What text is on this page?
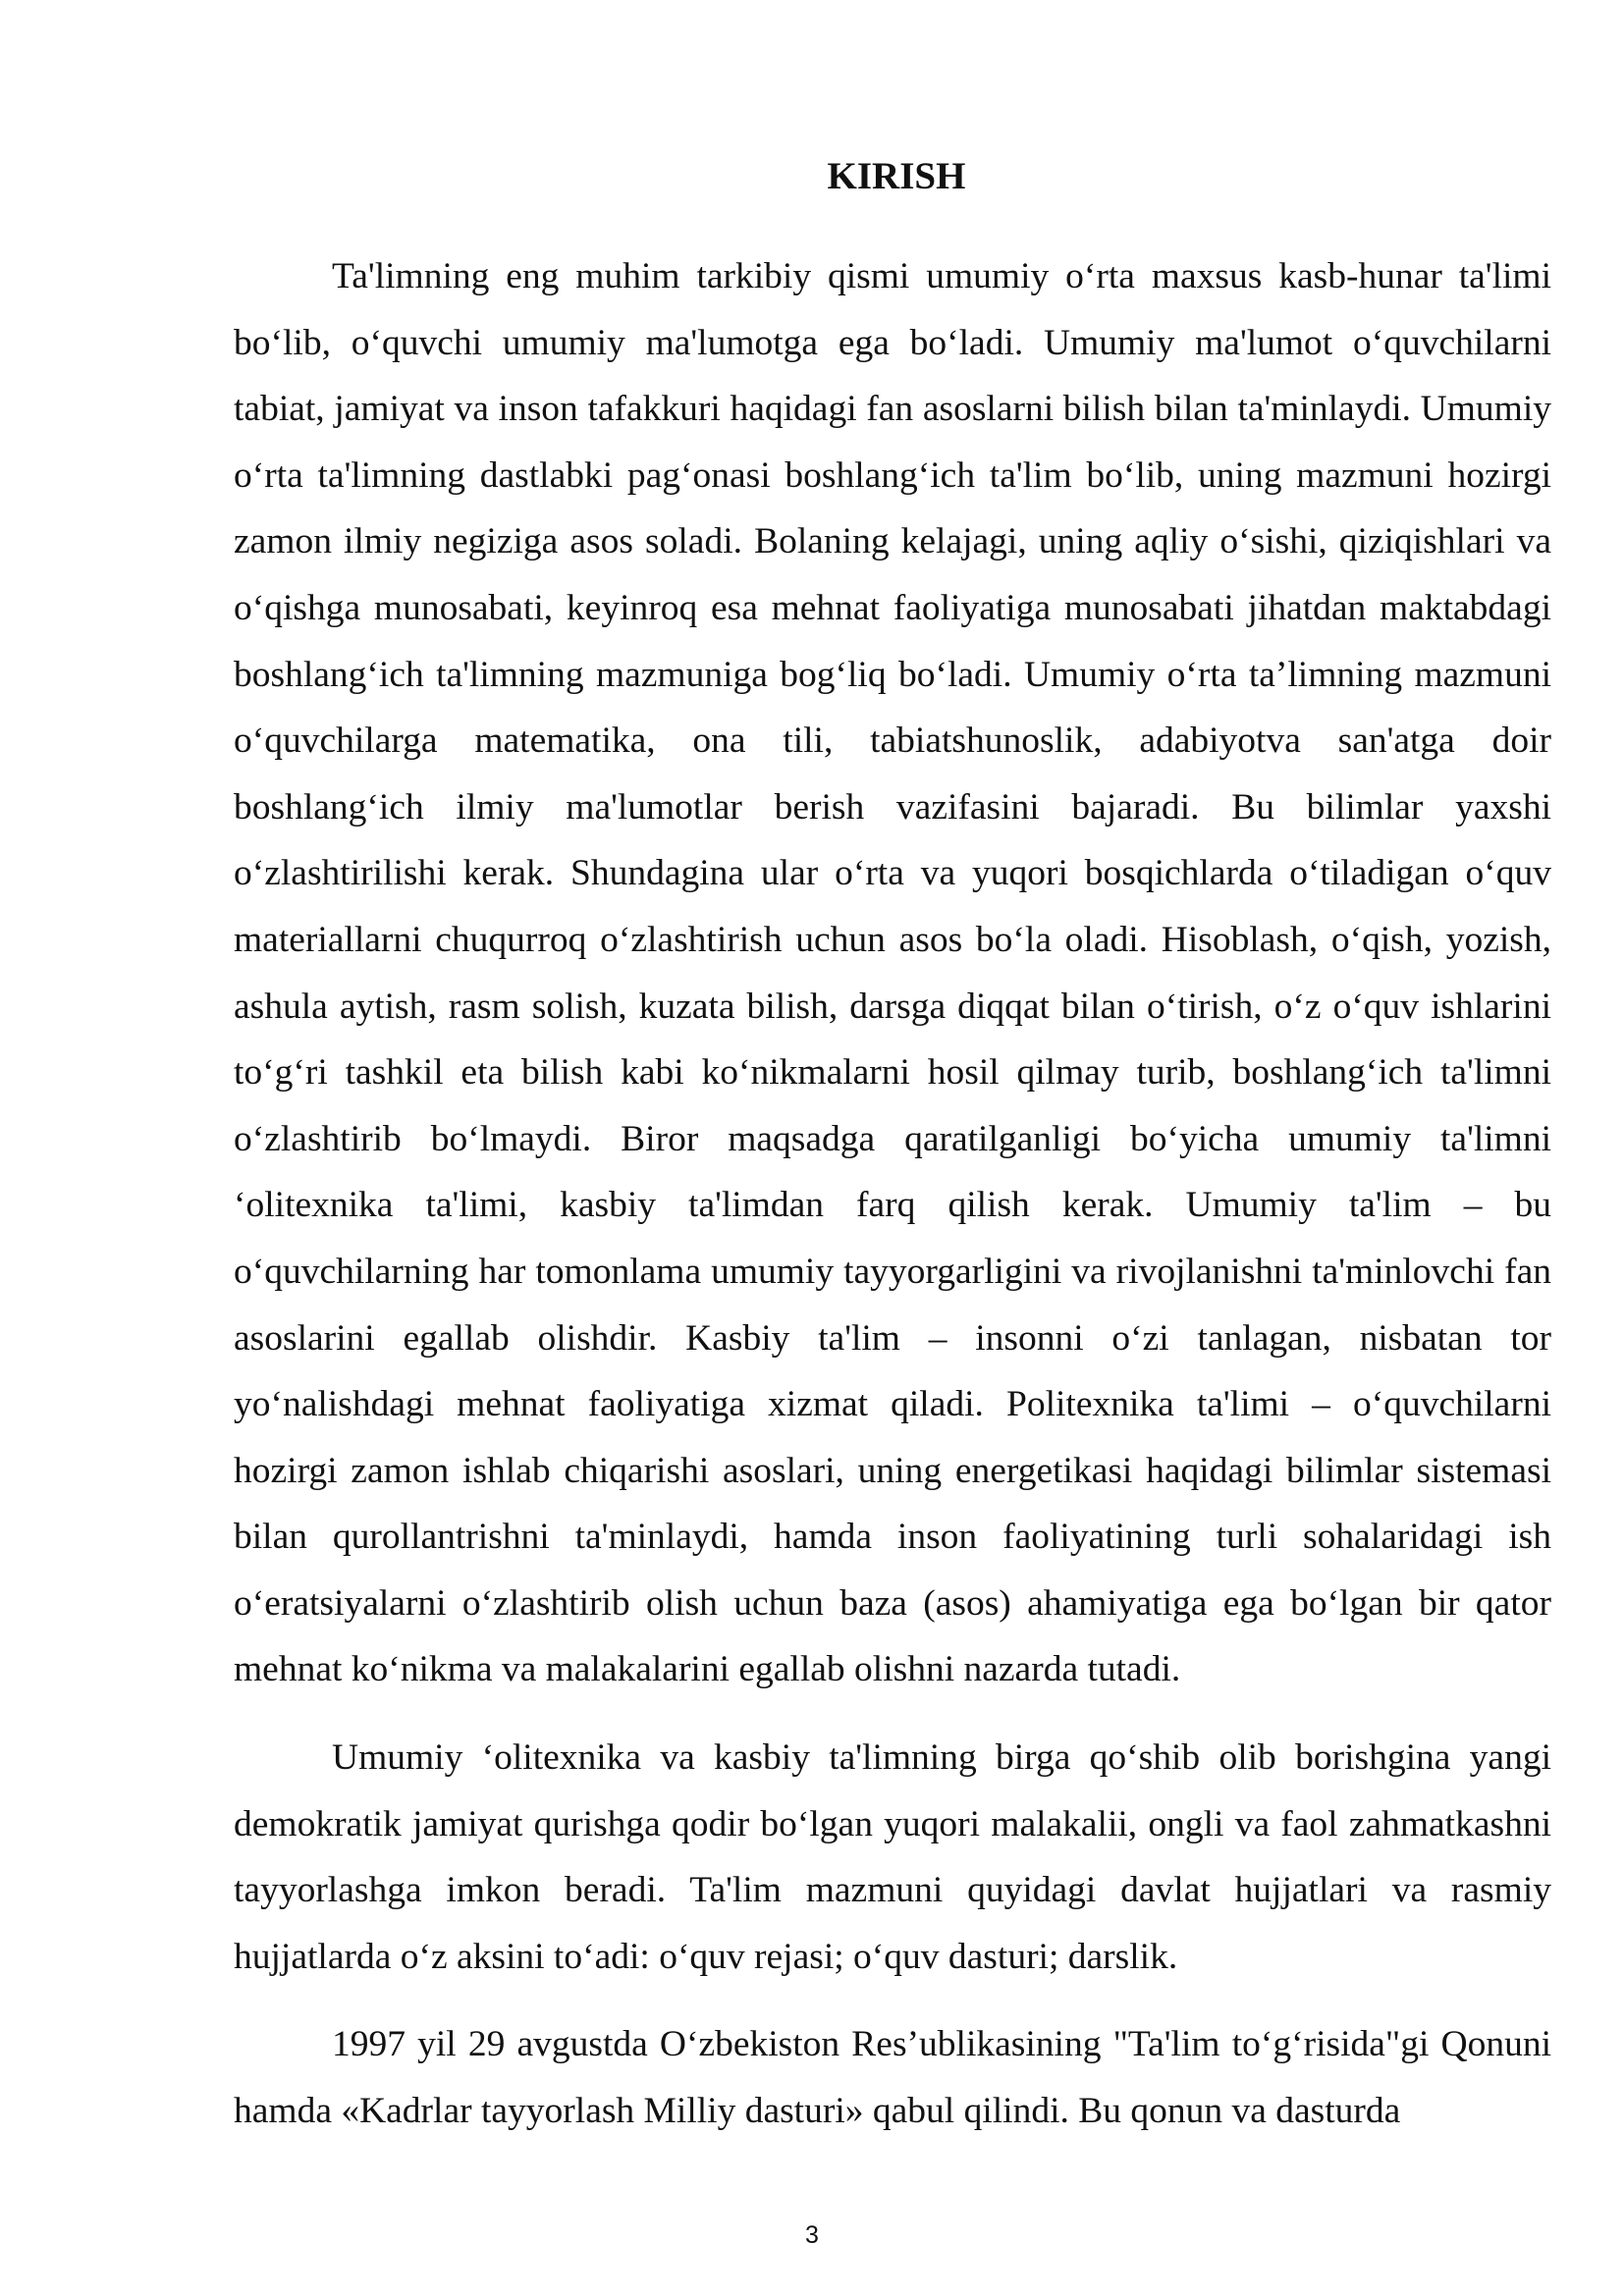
KIRISH

Ta'limning eng muhim tarkibiy qismi umumiy o‘rta maxsus kasb-hunar ta'limi bo‘lib, o‘quvchi umumiy ma'lumotga ega bo‘ladi. Umumiy ma'lumot o‘quvchilarni tabiat, jamiyat va inson tafakkuri haqidagi fan asoslarni bilish bilan ta'minlaydi. Umumiy o‘rta ta'limning dastlabki pag‘onasi boshlang‘ich ta'lim bo‘lib, uning mazmuni hozirgi zamon ilmiy negiziga asos soladi. Bolaning kelajagi, uning aqliy o‘sishi, qiziqishlari va o‘qishga munosabati, keyinroq esa mehnat faoliyatiga munosabati jihatdan maktabdagi boshlang‘ich ta'limning mazmuniga bog‘liq bo‘ladi. Umumiy o‘rta ta’limning mazmuni o‘quvchilarga matematika, ona tili, tabiatshunoslik, adabiyotva san'atga doir boshlang‘ich ilmiy ma'lumotlar berish vazifasini bajaradi. Bu bilimlar yaxshi o‘zlashtirilishi kerak. Shundagina ular o‘rta va yuqori bosqichlarda o‘tiladigan o‘quv materiallarni chuqurroq o‘zlashtirish uchun asos bo‘la oladi. Hisoblash, o‘qish, yozish, ashula aytish, rasm solish, kuzata bilish, darsga diqqat bilan o‘tirish, o‘z o‘quv ishlarini to‘g‘ri tashkil eta bilish kabi ko‘nikmalarni hosil qilmay turib, boshlang‘ich ta'limni o‘zlashtirib bo‘lmaydi. Biror maqsadga qaratilganligi bo‘yicha umumiy ta'limni ‘olitexnika ta'limi, kasbiy ta'limdan farq qilish kerak. Umumiy ta'lim – bu o‘quvchilarning har tomonlama umumiy tayyorgarligini va rivojlanishni ta'minlovchi fan asoslarini egallab olishdir. Kasbiy ta'lim – insonni o‘zi tanlagan, nisbatan tor yo‘nalishdagi mehnat faoliyatiga xizmat qiladi. Politexnika ta'limi – o‘quvchilarni hozirgi zamon ishlab chiqarishi asoslari, uning energetikasi haqidagi bilimlar sistemasi bilan qurollantrishni ta'minlaydi, hamda inson faoliyatining turli sohalaridagi ish o‘eratsiyalarni o‘zlashtirib olish uchun baza (asos) ahamiyatiga ega bo‘lgan bir qator mehnat ko‘nikma va malakalarini egallab olishni nazarda tutadi.

Umumiy ‘olitexnika va kasbiy ta'limning birga qo‘shib olib borishgina yangi demokratik jamiyat qurishga qodir bo‘lgan yuqori malakalii, ongli va faol zahmatkashni tayyorlashga imkon beradi. Ta'lim mazmuni quyidagi davlat hujjatlari va rasmiy hujjatlarda o‘z aksini to‘adi: o‘quv rejasi; o‘quv dasturi; darslik.

1997 yil 29 avgustda O‘zbekiston Res’ublikasining "Ta'lim to‘g‘risida"gi Qonuni hamda «Kadrlar tayyorlash Milliy dasturi» qabul qilindi. Bu qonun va dasturda

3
